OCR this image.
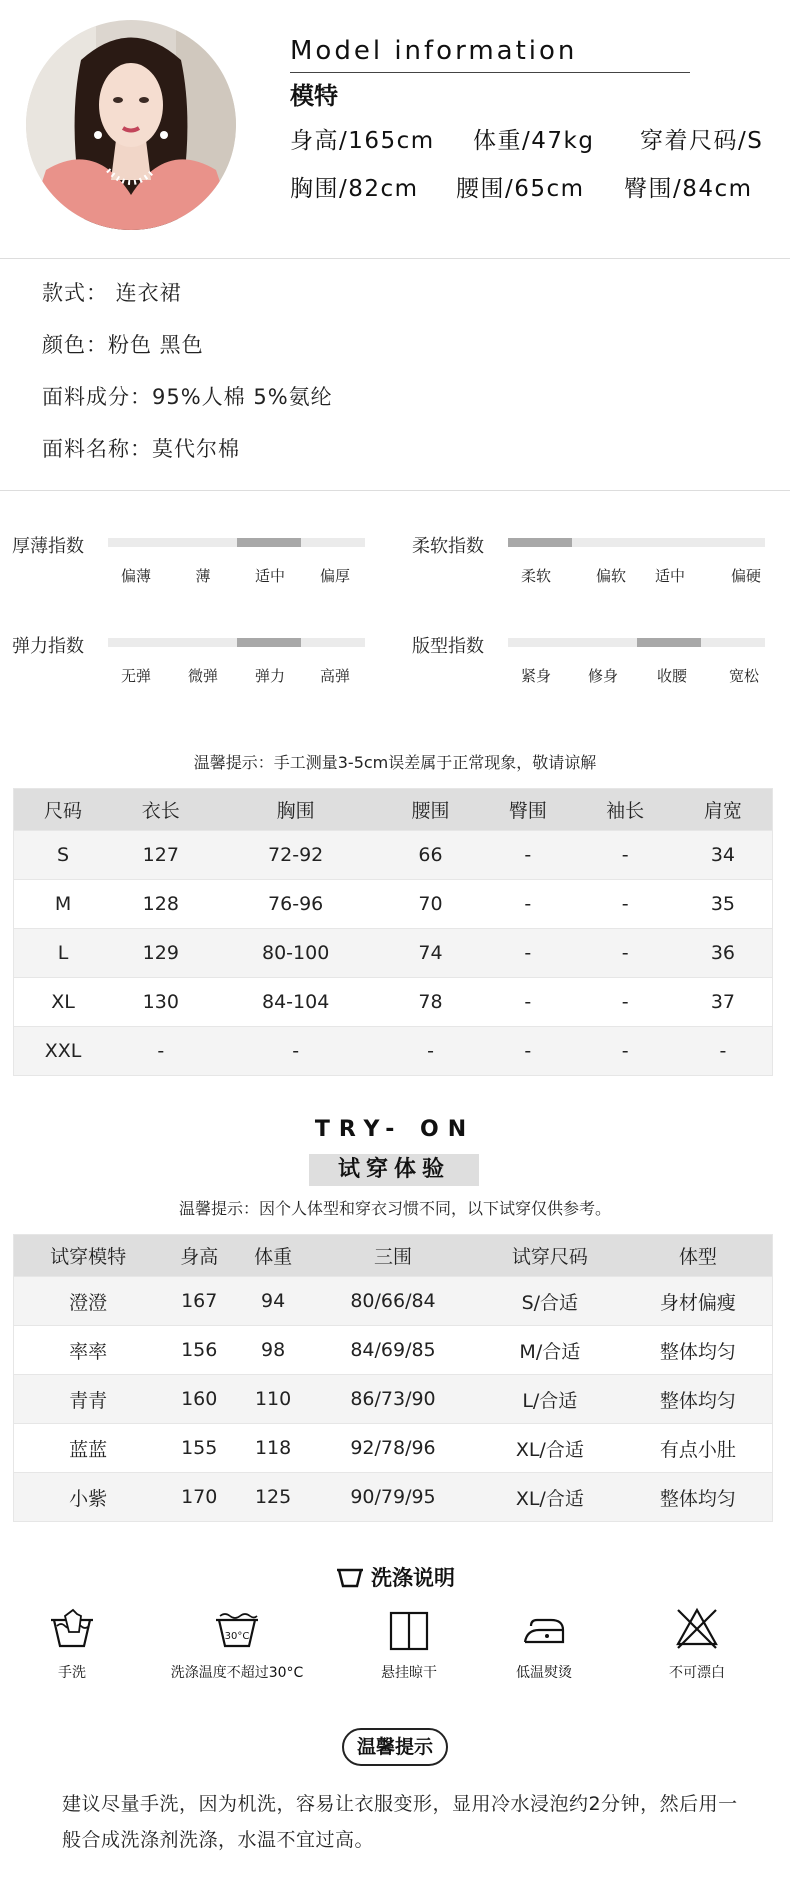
Model information
模特
身高/165cm 体重/47kg 穿着尺码/S
胸围/82cm 腰围/65cm 臀围/84cm
款式： 连衣裙
颜色：粉色 黑色
面料成分：95%人棉 5%氨纶
面料名称：莫代尔棉
厚薄指数
偏薄	薄	适中	偏厚
柔软指数
柔软	偏软	适中	偏硬
弹力指数
无弹	微弹	弹力	高弹
版型指数
紧身	修身	收腰	宽松
温馨提示：手工测量3-5cm误差属于正常现象，敬请谅解
尺码	衣长	胸围	腰围	臀围	袖长	肩宽
S	127	72-92	66	-	-	34
M	128	76-96	70	-	-	35
L	129	80-100	74	-	-	36
XL	130	84-104	78	-	-	37
XXL	-	-	-	-	-	-
TRY- ON
试穿体验
温馨提示：因个人体型和穿衣习惯不同，以下试穿仅供参考。
试穿模特	身高	体重	三围	试穿尺码	体型
澄澄	167	94	80/66/84	S/合适	身材偏瘦
率率	156	98	84/69/85	M/合适	整体均匀
青青	160	110	86/73/90	L/合适	整体均匀
蓝蓝	155	118	92/78/96	XL/合适	有点小肚
小紫	170	125	90/79/95	XL/合适	整体均匀
洗涤说明
手洗
30°C
洗涤温度不超过30°C	悬挂晾干	低温熨烫	不可漂白
温馨提示
建议尽量手洗，因为机洗，容易让衣服变形，显用冷水浸泡约2分钟，然后用一般合成洗涤剂洗涤，水温不宜过高。
